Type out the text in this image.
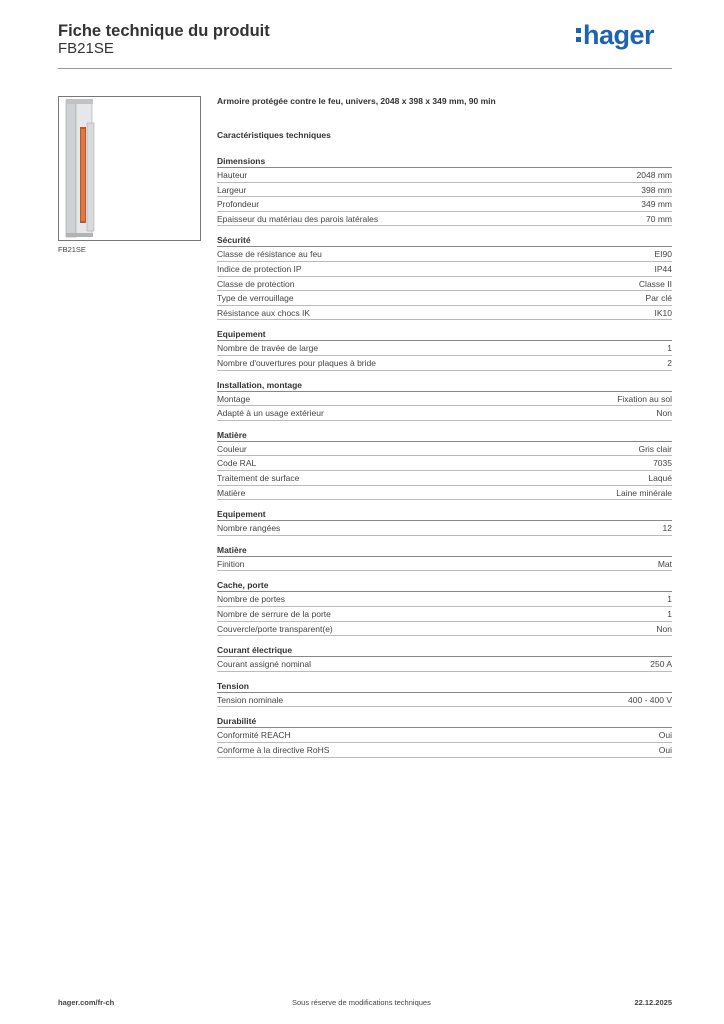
Fiche technique du produit
FB21SE	hager
FB21SE
Armoire protégée contre le feu, univers, 2048 x 398 x 349 mm, 90 min
Caractéristiques techniques
Dimensions
Hauteur	2048 mm
Largeur	398 mm
Profondeur	349 mm
Epaisseur du matériau des parois latérales	70 mm
Sécurité
Classe de résistance au feu	EI90
Indice de protection IP	IP44
Classe de protection	Classe II
Type de verrouillage	Par clé
Résistance aux chocs IK	IK10
Equipement
Nombre de travée de large	1
Nombre d'ouvertures pour plaques à bride	2
Installation, montage
Montage	Fixation au sol
Adapté à un usage extérieur	Non
Matière
Couleur	Gris clair
Code RAL	7035
Traitement de surface	Laqué
Matière	Laine minérale
Equipement
Nombre rangées	12
Matière
Finition	Mat
Cache, porte
Nombre de portes	1
Nombre de serrure de la porte	1
Couvercle/porte transparent(e)	Non
Courant électrique
Courant assigné nominal	250 A
Tension
Tension nominale	400 - 400 V
Durabilité
Conformité REACH	Oui
Conforme à la directive RoHS	Oui
hager.com/fr-ch	Sous réserve de modifications techniques	22.12.2025
